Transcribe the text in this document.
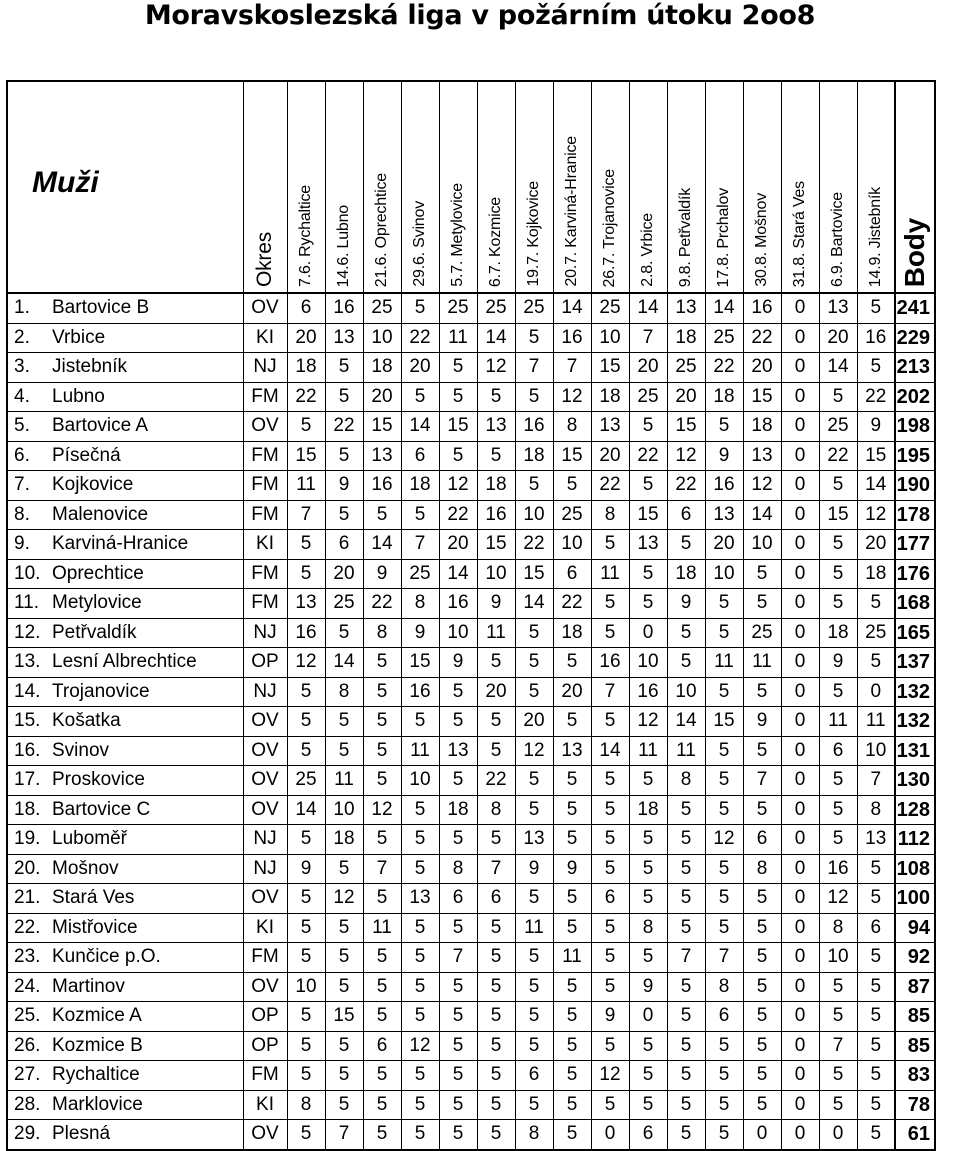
Moravskoslezská liga v požárním útoku 2oo8
Muži		Okres	7.6. Rychaltice	14.6. Lubno	21.6. Oprechtice	29.6. Svinov	5.7. Metylovice	6.7. Kozmice	19.7. Kojkovice	20.7. Karviná-Hranice	26.7. Trojanovice	2.8. Vrbice	9.8. Petřvaldík	17.8. Prchalov	30.8. Mošnov	31.8. Stará Ves	6.9. Bartovice	14.9. Jistebník	Body
1.	Bartovice B	OV	6	16	25	5	25	25	25	14	25	14	13	14	16	0	13	5	241
2.	Vrbice	KI	20	13	10	22	11	14	5	16	10	7	18	25	22	0	20	16	229
3.	Jistebník	NJ	18	5	18	20	5	12	7	7	15	20	25	22	20	0	14	5	213
4.	Lubno	FM	22	5	20	5	5	5	5	12	18	25	20	18	15	0	5	22	202
5.	Bartovice A	OV	5	22	15	14	15	13	16	8	13	5	15	5	18	0	25	9	198
6.	Písečná	FM	15	5	13	6	5	5	18	15	20	22	12	9	13	0	22	15	195
7.	Kojkovice	FM	11	9	16	18	12	18	5	5	22	5	22	16	12	0	5	14	190
8.	Malenovice	FM	7	5	5	5	22	16	10	25	8	15	6	13	14	0	15	12	178
9.	Karviná-Hranice	KI	5	6	14	7	20	15	22	10	5	13	5	20	10	0	5	20	177
10.	Oprechtice	FM	5	20	9	25	14	10	15	6	11	5	18	10	5	0	5	18	176
11.	Metylovice	FM	13	25	22	8	16	9	14	22	5	5	9	5	5	0	5	5	168
12.	Petřvaldík	NJ	16	5	8	9	10	11	5	18	5	0	5	5	25	0	18	25	165
13.	Lesní Albrechtice	OP	12	14	5	15	9	5	5	5	16	10	5	11	11	0	9	5	137
14.	Trojanovice	NJ	5	8	5	16	5	20	5	20	7	16	10	5	5	0	5	0	132
15.	Košatka	OV	5	5	5	5	5	5	20	5	5	12	14	15	9	0	11	11	132
16.	Svinov	OV	5	5	5	11	13	5	12	13	14	11	11	5	5	0	6	10	131
17.	Proskovice	OV	25	11	5	10	5	22	5	5	5	5	8	5	7	0	5	7	130
18.	Bartovice C	OV	14	10	12	5	18	8	5	5	5	18	5	5	5	0	5	8	128
19.	Luboměř	NJ	5	18	5	5	5	5	13	5	5	5	5	12	6	0	5	13	112
20.	Mošnov	NJ	9	5	7	5	8	7	9	9	5	5	5	5	8	0	16	5	108
21.	Stará Ves	OV	5	12	5	13	6	6	5	5	6	5	5	5	5	0	12	5	100
22.	Mistřovice	KI	5	5	11	5	5	5	11	5	5	8	5	5	5	0	8	6	94
23.	Kunčice p.O.	FM	5	5	5	5	7	5	5	11	5	5	7	7	5	0	10	5	92
24.	Martinov	OV	10	5	5	5	5	5	5	5	5	9	5	8	5	0	5	5	87
25.	Kozmice A	OP	5	15	5	5	5	5	5	5	9	0	5	6	5	0	5	5	85
26.	Kozmice B	OP	5	5	6	12	5	5	5	5	5	5	5	5	5	0	7	5	85
27.	Rychaltice	FM	5	5	5	5	5	5	6	5	12	5	5	5	5	0	5	5	83
28.	Marklovice	KI	8	5	5	5	5	5	5	5	5	5	5	5	5	0	5	5	78
29.	Plesná	OV	5	7	5	5	5	5	8	5	0	6	5	5	0	0	0	5	61
